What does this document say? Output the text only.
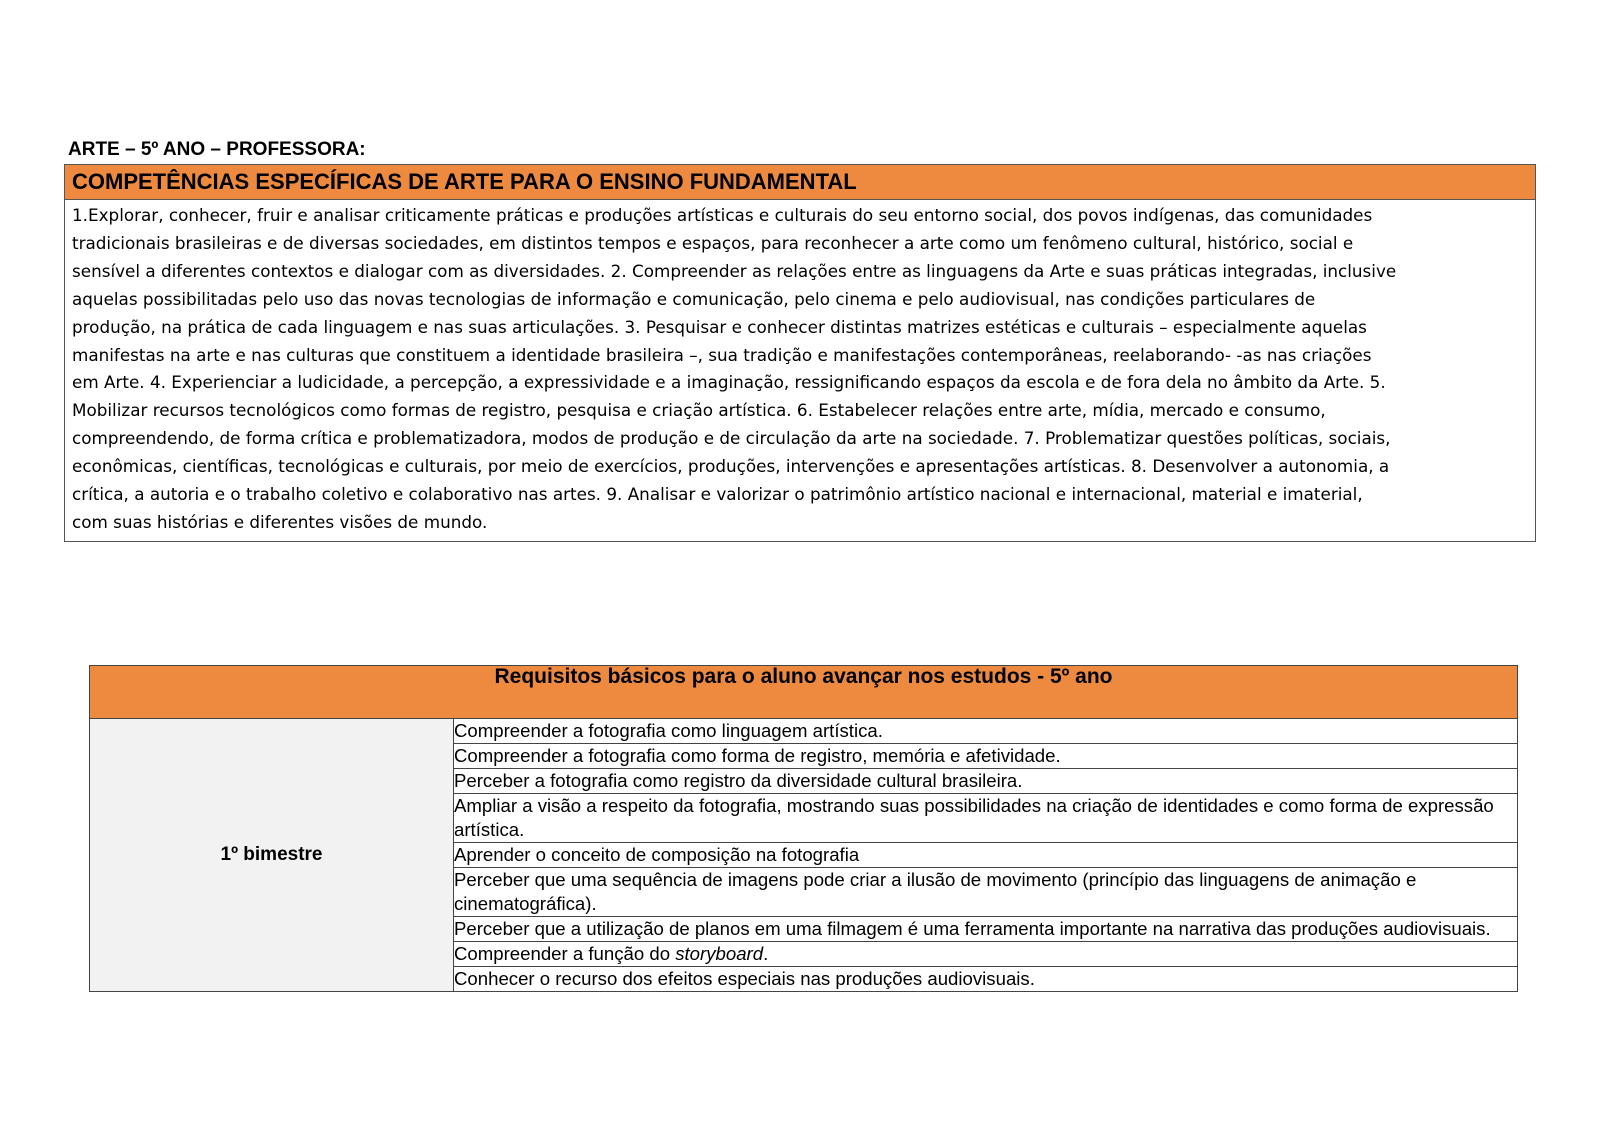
ARTE – 5º ANO – PROFESSORA:
COMPETÊNCIAS ESPECÍFICAS DE ARTE PARA O ENSINO FUNDAMENTAL
1.Explorar, conhecer, fruir e analisar criticamente práticas e produções artísticas e culturais do seu entorno social, dos povos indígenas, das comunidades
tradicionais brasileiras e de diversas sociedades, em distintos tempos e espaços, para reconhecer a arte como um fenômeno cultural, histórico, social e
sensível a diferentes contextos e dialogar com as diversidades. 2. Compreender as relações entre as linguagens da Arte e suas práticas integradas, inclusive
aquelas possibilitadas pelo uso das novas tecnologias de informação e comunicação, pelo cinema e pelo audiovisual, nas condições particulares de
produção, na prática de cada linguagem e nas suas articulações. 3. Pesquisar e conhecer distintas matrizes estéticas e culturais – especialmente aquelas
manifestas na arte e nas culturas que constituem a identidade brasileira –, sua tradição e manifestações contemporâneas, reelaborando- -as nas criações
em Arte. 4. Experienciar a ludicidade, a percepção, a expressividade e a imaginação, ressignificando espaços da escola e de fora dela no âmbito da Arte. 5.
Mobilizar recursos tecnológicos como formas de registro, pesquisa e criação artística. 6. Estabelecer relações entre arte, mídia, mercado e consumo,
compreendendo, de forma crítica e problematizadora, modos de produção e de circulação da arte na sociedade. 7. Problematizar questões políticas, sociais,
econômicas, científicas, tecnológicas e culturais, por meio de exercícios, produções, intervenções e apresentações artísticas. 8. Desenvolver a autonomia, a
crítica, a autoria e o trabalho coletivo e colaborativo nas artes. 9. Analisar e valorizar o patrimônio artístico nacional e internacional, material e imaterial,
com suas histórias e diferentes visões de mundo.
Requisitos básicos para o aluno avançar nos estudos - 5º ano
1º bimestre	Compreender a fotografia como linguagem artística.
Compreender a fotografia como forma de registro, memória e afetividade.
Perceber a fotografia como registro da diversidade cultural brasileira.
Ampliar a visão a respeito da fotografia, mostrando suas possibilidades na criação de identidades e como forma de expressão artística.
Aprender o conceito de composição na fotografia
Perceber que uma sequência de imagens pode criar a ilusão de movimento (princípio das linguagens de animação e cinematográfica).
Perceber que a utilização de planos em uma filmagem é uma ferramenta importante na narrativa das produções audiovisuais.
Compreender a função do storyboard.
Conhecer o recurso dos efeitos especiais nas produções audiovisuais.
